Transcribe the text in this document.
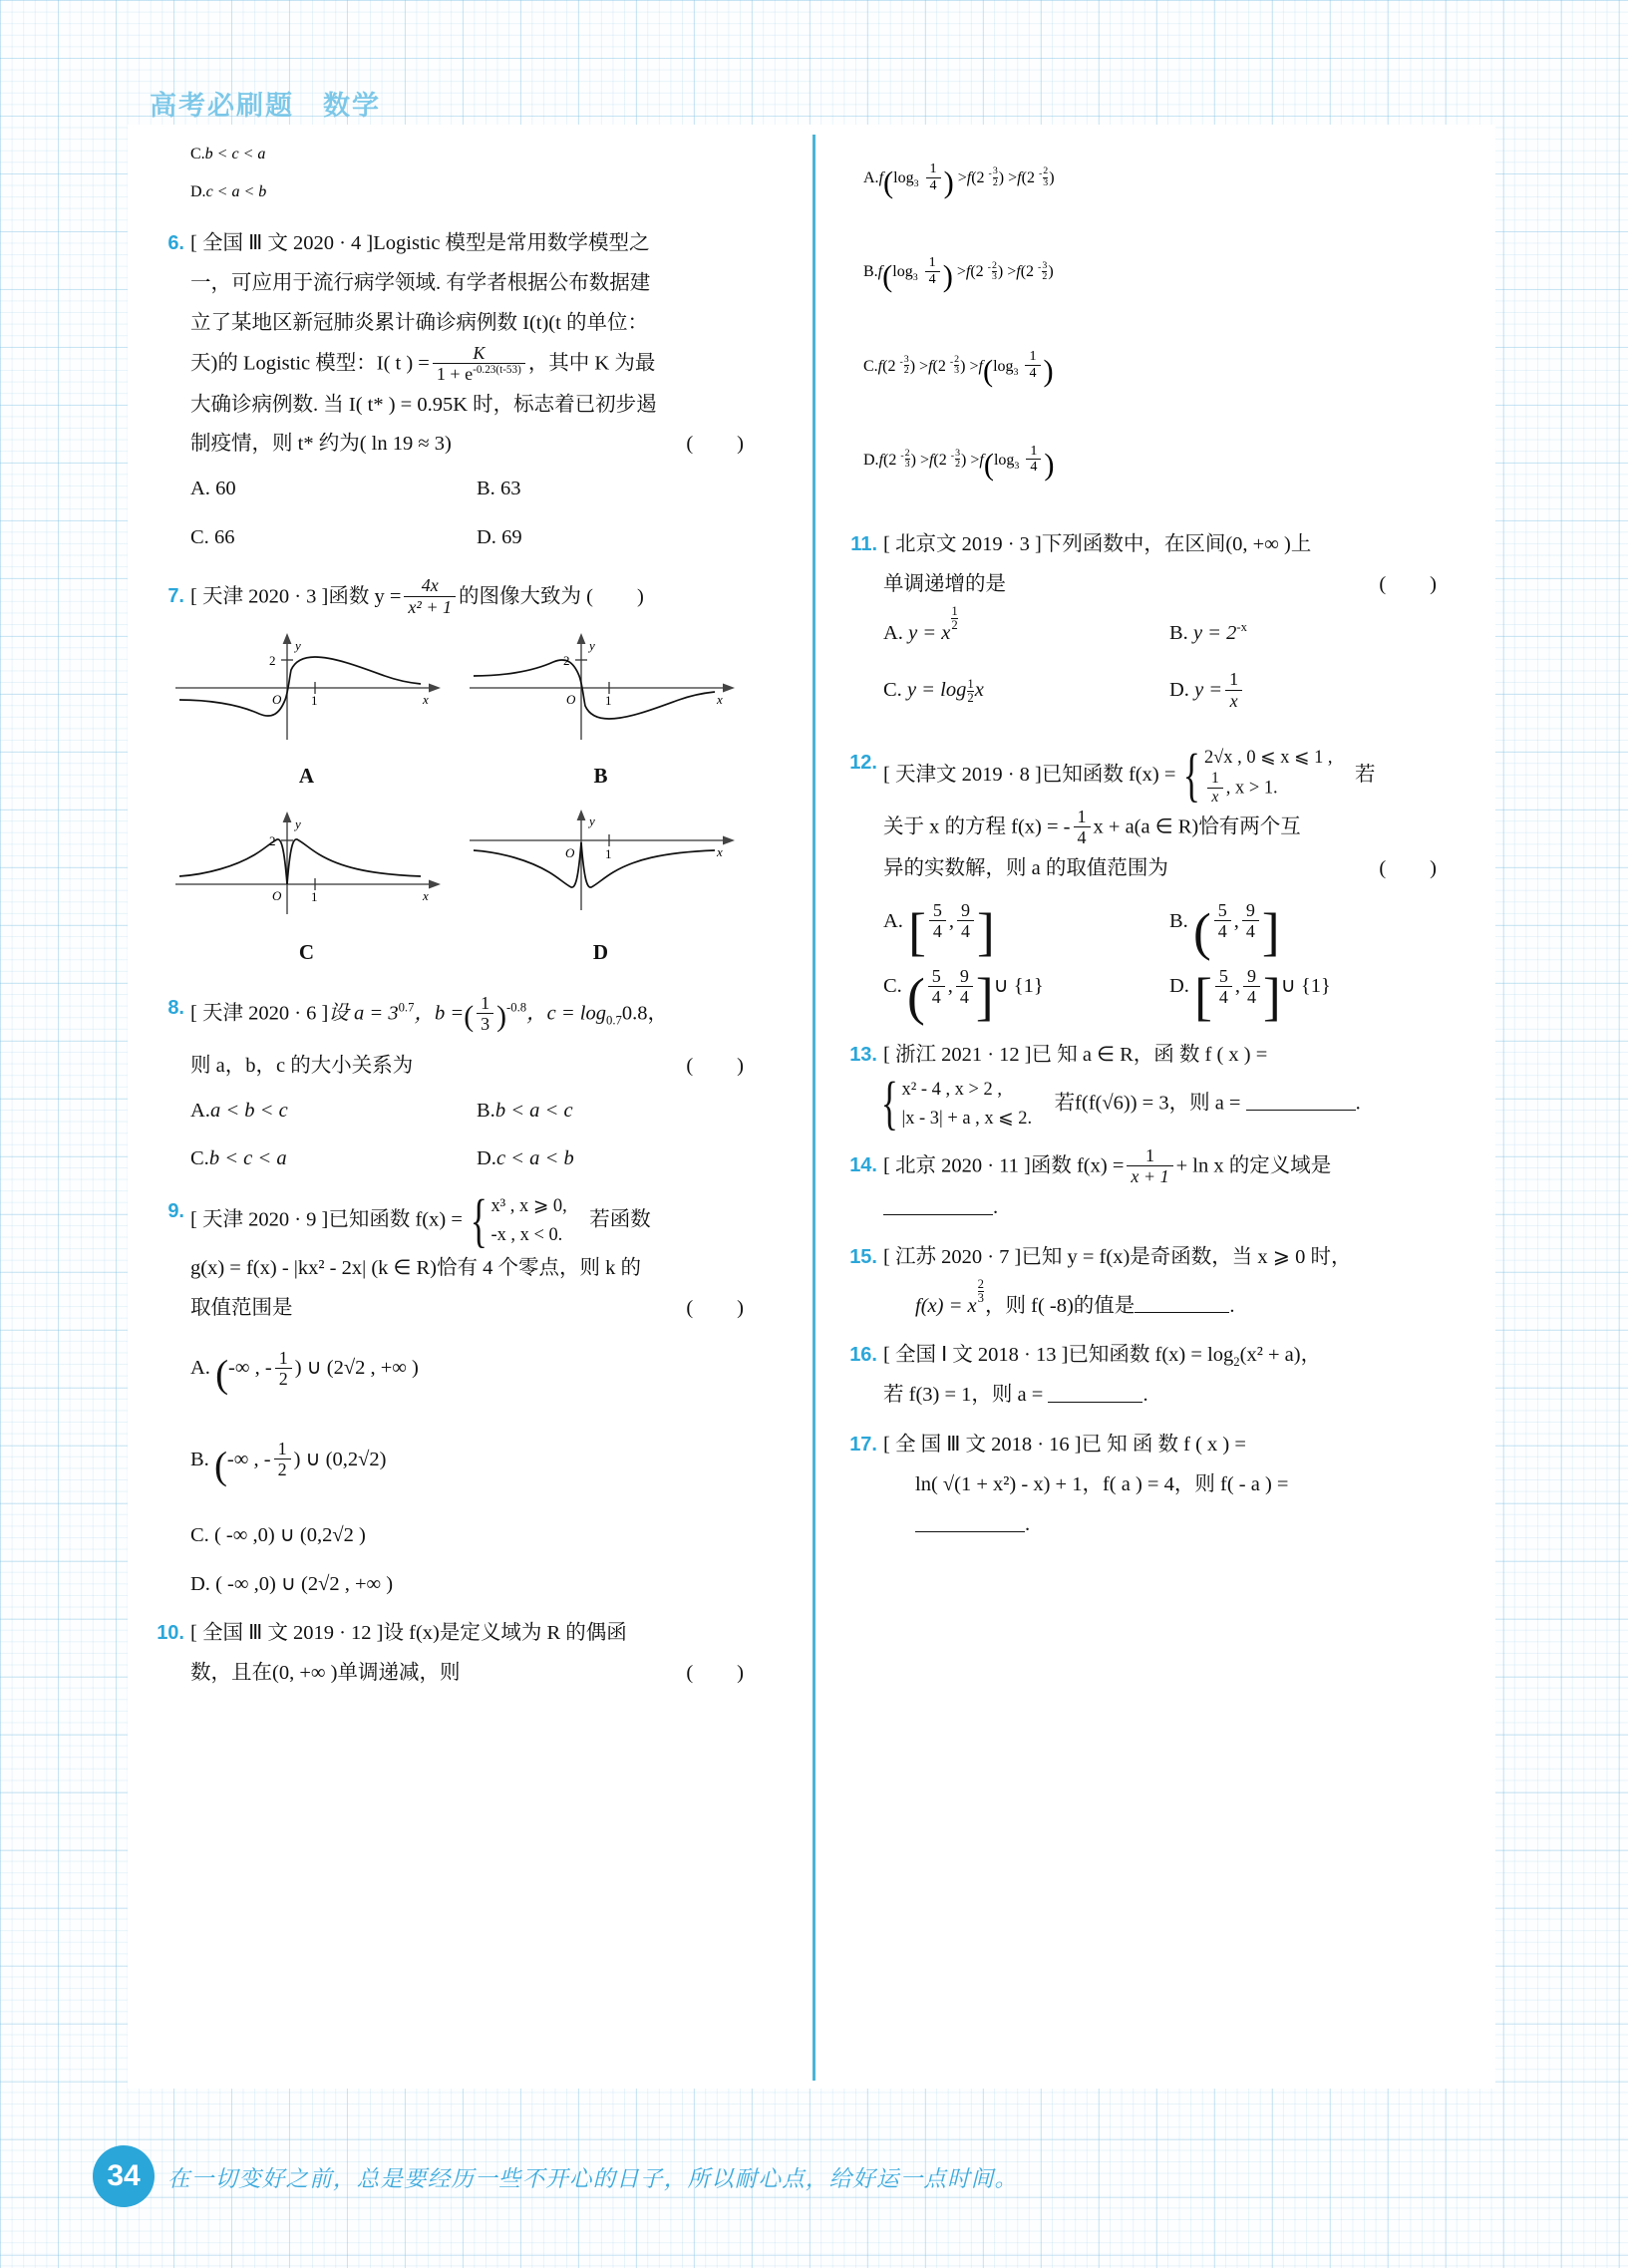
高考必刷题　数学
C.b < c < a
D.c < a < b
6. [ 全国 Ⅲ 文 2020 · 4 ]Logistic 模型是常用数学模型之
一，可应用于流行病学领域. 有学者根据公布数据建
立了某地区新冠肺炎累计确诊病例数 I(t)(t 的单位：
天)的 Logistic 模型：I( t ) = $\frac{K}{1 + e^{-0.23(t-53)}}$ ，其中 K 为最
大确诊病例数. 当 I( t* ) = 0.95K 时，标志着已初步遏
制疫情，则 t* 约为( ln 19 ≈ 3)	(　　)
A. 60	B. 63
C. 66	D. 69
7. [ 天津 2020 · 3 ]函数 $y = \frac{4x}{\text{x² + 1}}$ 的图像大致为 (　　)
2
y
O 1	x
A
2
y
O 1	x
B
2
y
O 1	x
C
y
O 1	x
D
8. [ 天津 2020 · 6 ]设 $a = 3^{0.7}$，b =( $\frac{1}{3} )^{-0.8}$，$c = \log_{0.7}0.8$，
则 a，b，c 的大小关系为	(　　)
A.a < b < c	B.b < a < c
C.b < c < a	D.c < a < b
9. [ 天津 2020 · 9 ]已知函数 f(x) = { x³ , x ⩾ 0,
-x , x < 0.
　若函数
g(x) = f(x) - |kx² - 2x| (k ∈ R)恰有 4 个零点，则 k 的
取值范围是	(　　)
A. (-∞ , - $\frac{1}{2}$ ) ∪ (2√2 , +∞ )
B. (-∞ , - $\frac{1}{2}$ ) ∪ (0,2√2)
C. ( -∞ ,0) ∪ (0,2√2 )
D. ( -∞ ,0) ∪ (2√2 , +∞ )
10. [ 全国 Ⅲ 文 2019 · 12 ]设 f(x)是定义域为 R 的偶函
数，且在(0, +∞ )单调递减，则	(　　)
$A.f(\log_3 \frac{1}{4}$ ) >f(2 $^- \frac{3}{2}$ ) >f(2 $^- \frac{2}{3}$ )
$B.f(\log_3 \frac{1}{4}$ ) >f(2 $^- \frac{2}{3}$ ) >f(2 $^- \frac{3}{2}$ )
C.f(2 $^- \frac{3}{2}$ ) >f(2 $^- \frac{2}{3}$ ) $>f(\log_3 \frac{1}{4}$ )
D.f(2 $^- \frac{2}{3}$ ) >f(2 $^- \frac{3}{2}$ ) $>f(\log_3 \frac{1}{4}$ )
11. [ 北京文 2019 · 3 ]下列函数中，在区间(0, +∞ )上
单调递增的是	(　　)
A. y = x
$\frac{1}{2}$
B. $y = 2^{-x}$
C. $y = \log \frac{1}{2}$ x	D. $y = \frac{1}{x}$
12.
[ 天津文 2019 · 8 ]已知函数 f(x) = { 2√x , 0 ⩽ x ⩽ 1 ,

$\frac{1}{x}$ , x > 1.
　若
关于 x 的方程 f(x) = - $\frac{1}{4}$ x + a(a ∈ R)恰有两个互
异的实数解，则 a 的取值范围为	(　　)
A. [ $\frac{5}{4}$ , $\frac{9}{4}$ ]	B. ( $\frac{5}{4}$ , $\frac{9}{4}$ ]
C. ( $\frac{5}{4}$ , $\frac{9}{4}$ ]∪ {1}	D. [ $\frac{5}{4}$ , $\frac{9}{4}$ ]∪ {1}
13. [ 浙江 2021 · 12 ]已 知 a ∈ R，函 数 f ( x ) =

{ x² - 4 , x > 2 ,
|x - 3| + a , x ⩽ 2.
　若f(f(√6)) = 3，则 a =	.
14. [ 北京 2020 · 11 ]函数 $f(x) = \frac{1}{x + 1} + \ln x$ 的定义域是
.
15. [ 江苏 2020 · 7 ]已知 y = f(x)是奇函数，当 x ⩾ 0 时，
f(x) = x
$\frac{2}{3}$
，则 f( -8)的值是	.
16. [ 全国 Ⅰ 文 2018 · 13 ]已知函数 $f(x) = \log_2(x^2 + a)$，
若 f(3) = 1，则 a =	.
17. [ 全 国 Ⅲ 文 2018 · 16 ]已 知 函 数 f ( x ) =
ln( √(1 + x²) - x) + 1，f( a ) = 4，则 f( - a ) =
.
34	在一切变好之前，总是要经历一些不开心的日子，所以耐心点，给好运一点时间。
